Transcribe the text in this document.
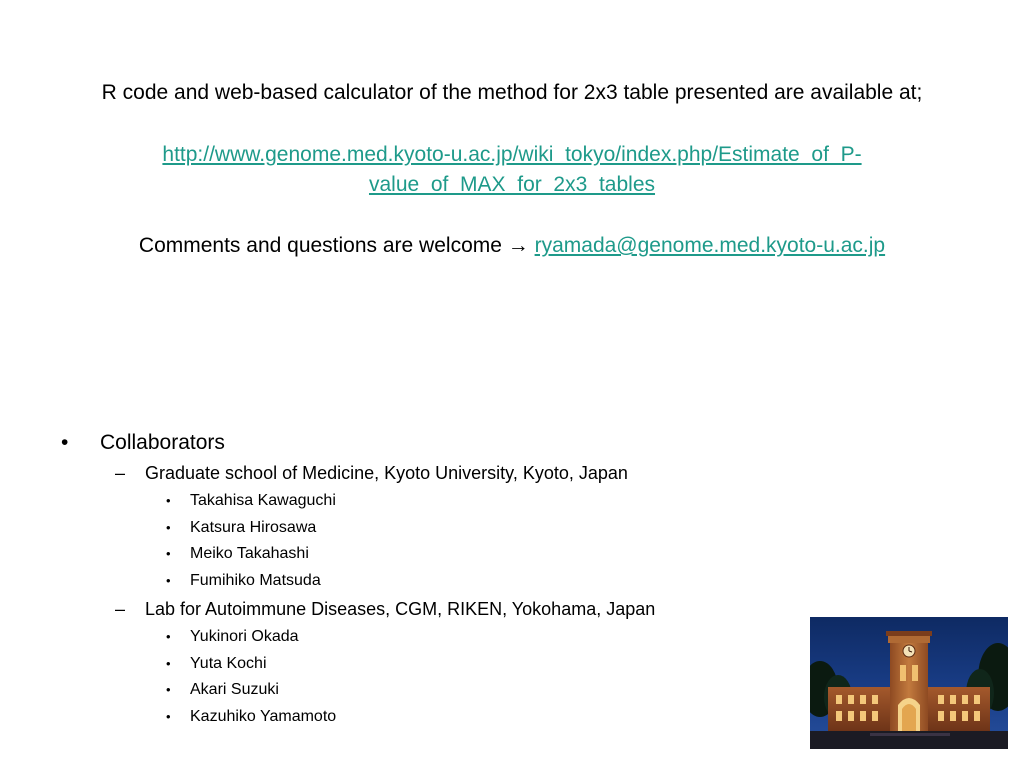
R code and web-based calculator of the method for 2x3 table presented are available at;

http://www.genome.med.kyoto-u.ac.jp/wiki_tokyo/index.php/Estimate_of_P-
value_of_MAX_for_2x3_tables
Comments and questions are welcome → ryamada@genome.med.kyoto-u.ac.jp
• Collaborators
– Graduate school of Medicine, Kyoto University, Kyoto, Japan
• Takahisa Kawaguchi
• Katsura Hirosawa
• Meiko Takahashi
• Fumihiko Matsuda
– Lab for Autoimmune Diseases, CGM, RIKEN, Yokohama, Japan
• Yukinori Okada
• Yuta Kochi
• Akari Suzuki
• Kazuhiko Yamamoto
